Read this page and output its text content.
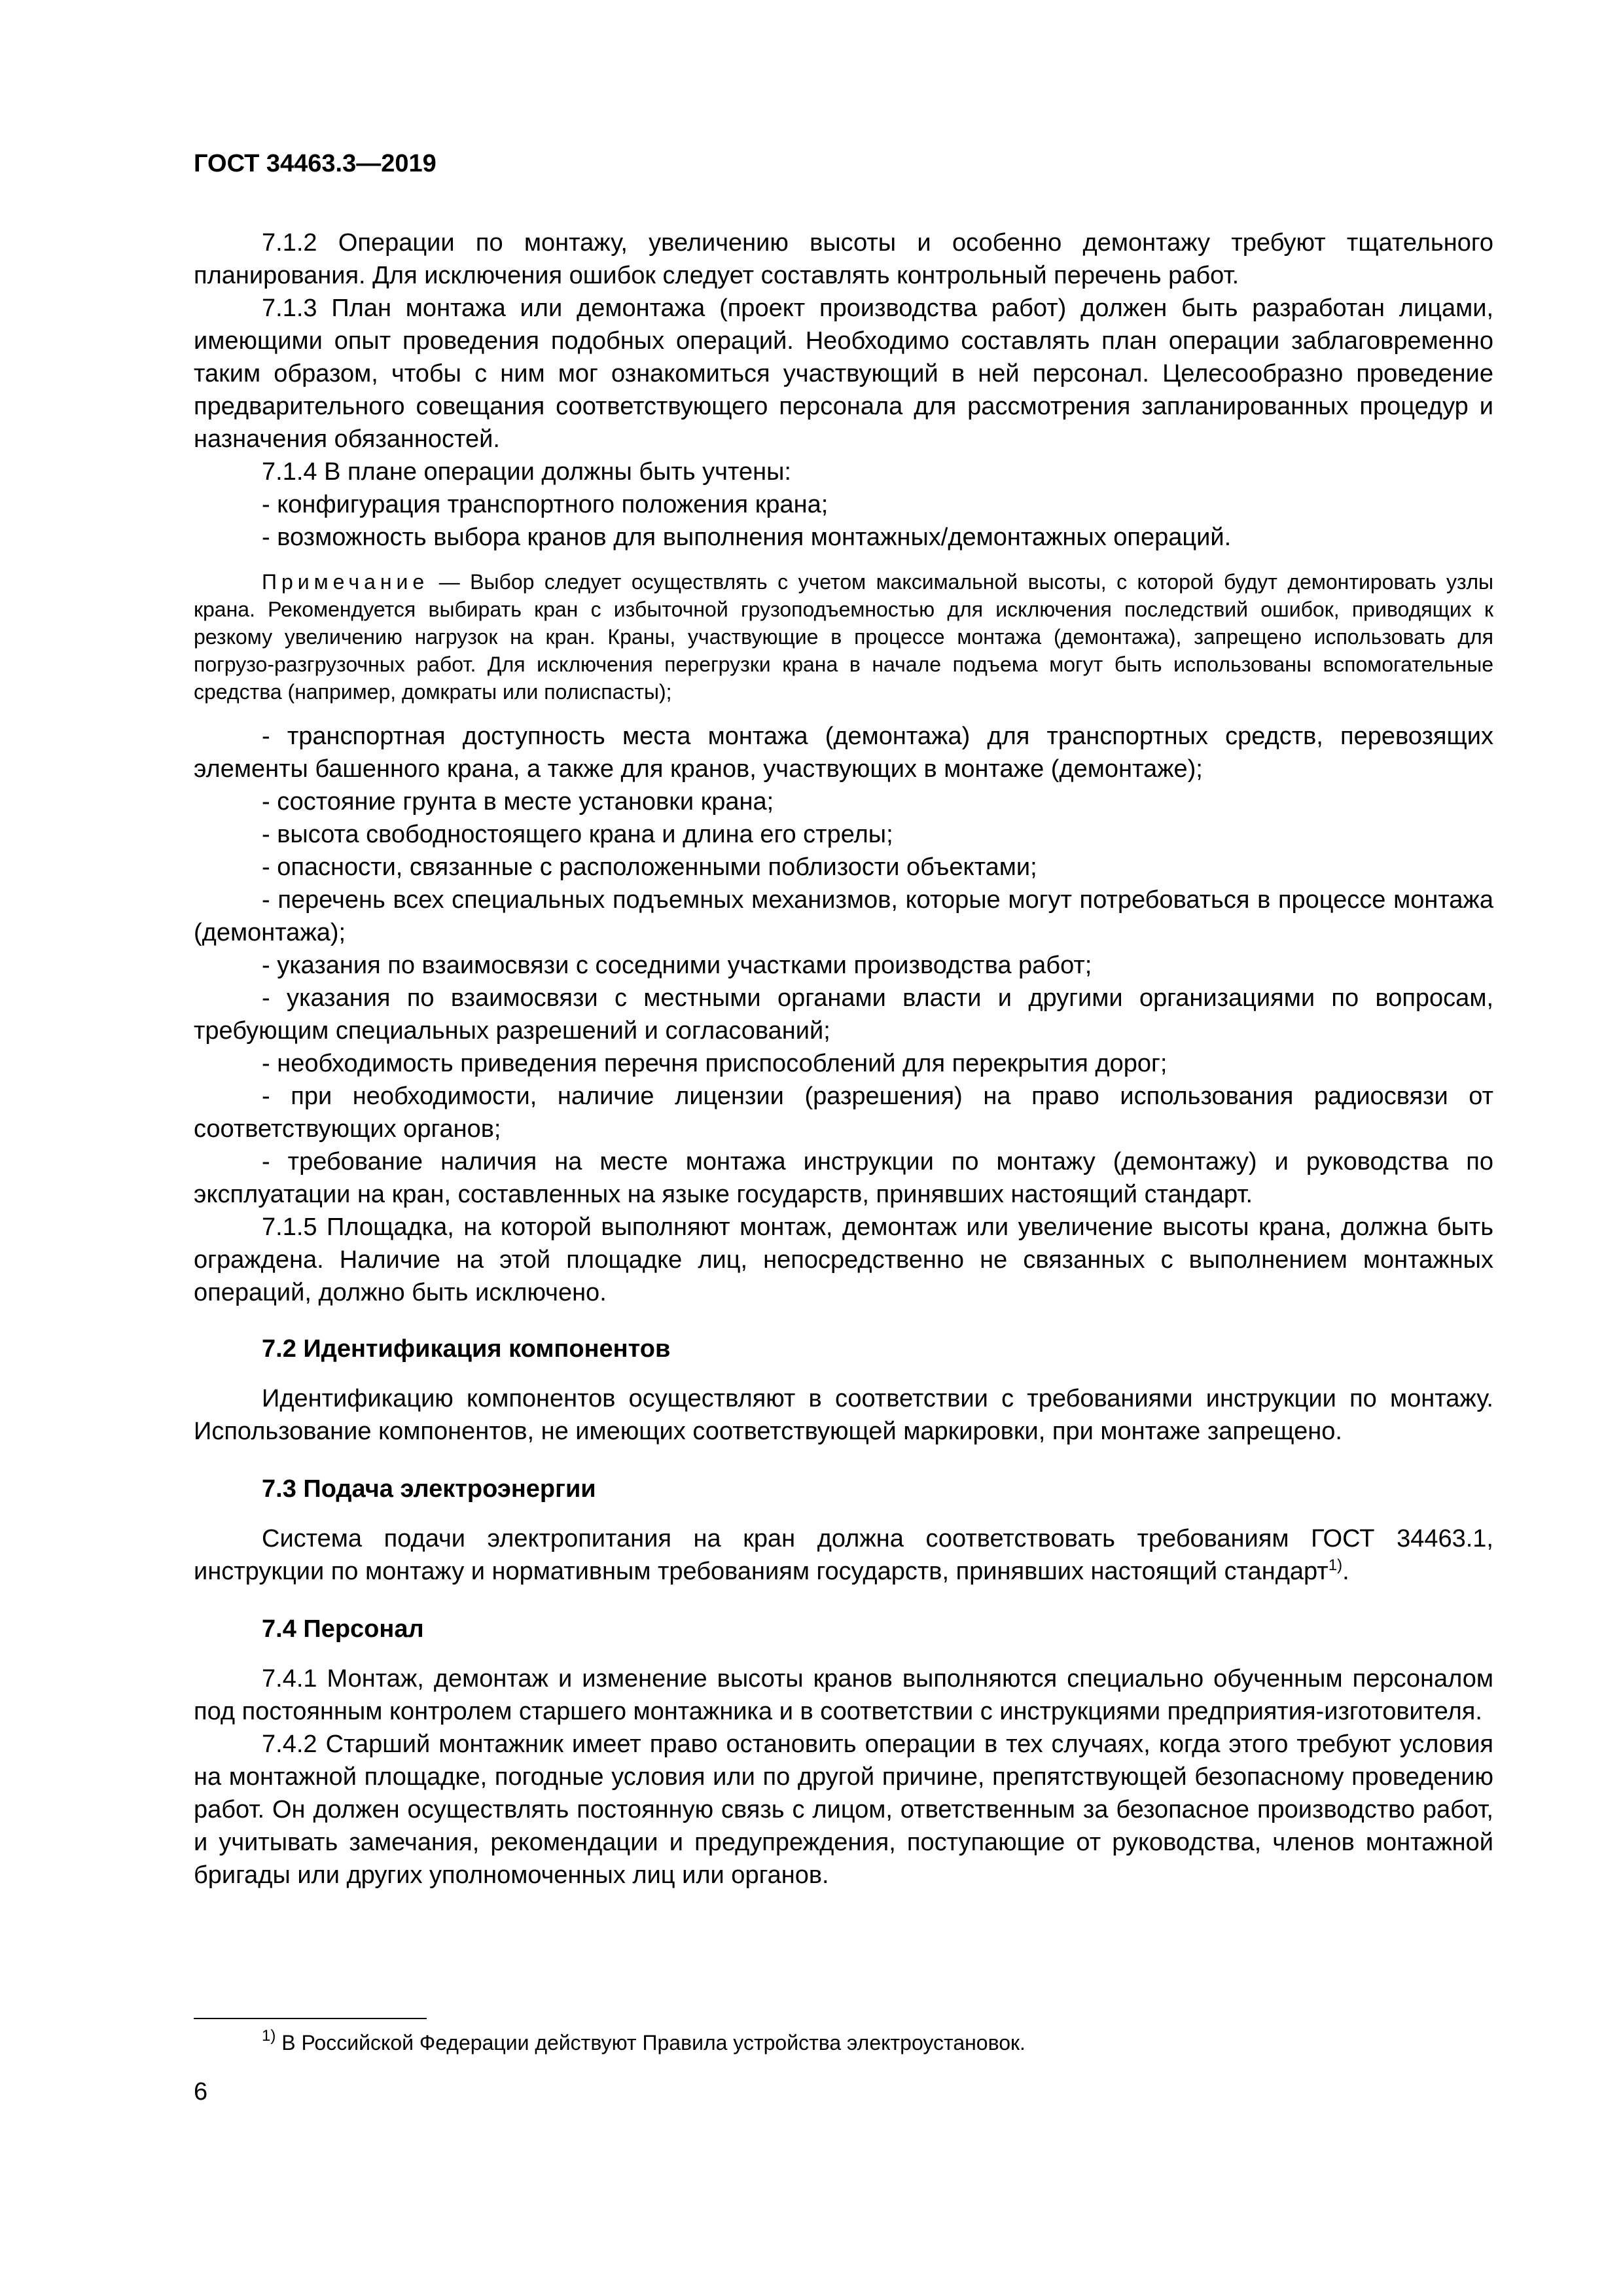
ГОСТ 34463.3—2019

7.1.2 Операции по монтажу, увеличению высоты и особенно демонтажу требуют тщательного планирования. Для исключения ошибок следует составлять контрольный перечень работ.

7.1.3 План монтажа или демонтажа (проект производства работ) должен быть разработан лицами, имеющими опыт проведения подобных операций. Необходимо составлять план операции заблаговременно таким образом, чтобы с ним мог ознакомиться участвующий в ней персонал. Целесообразно проведение предварительного совещания соответствующего персонала для рассмотрения запланированных процедур и назначения обязанностей.

7.1.4 В плане операции должны быть учтены:

- конфигурация транспортного положения крана;

- возможность выбора кранов для выполнения монтажных/демонтажных операций.

Примечание — Выбор следует осуществлять с учетом максимальной высоты, с которой будут демонтировать узлы крана. Рекомендуется выбирать кран с избыточной грузоподъемностью для исключения последствий ошибок, приводящих к резкому увеличению нагрузок на кран. Краны, участвующие в процессе монтажа (демонтажа), запрещено использовать для погрузо-разгрузочных работ. Для исключения перегрузки крана в начале подъема могут быть использованы вспомогательные средства (например, домкраты или полиспасты);

- транспортная доступность места монтажа (демонтажа) для транспортных средств, перевозящих элементы башенного крана, а также для кранов, участвующих в монтаже (демонтаже);

- состояние грунта в месте установки крана;

- высота свободностоящего крана и длина его стрелы;

- опасности, связанные с расположенными поблизости объектами;

- перечень всех специальных подъемных механизмов, которые могут потребоваться в процессе монтажа (демонтажа);

- указания по взаимосвязи с соседними участками производства работ;

- указания по взаимосвязи с местными органами власти и другими организациями по вопросам, требующим специальных разрешений и согласований;

- необходимость приведения перечня приспособлений для перекрытия дорог;

- при необходимости, наличие лицензии (разрешения) на право использования радиосвязи от соответствующих органов;

- требование наличия на месте монтажа инструкции по монтажу (демонтажу) и руководства по эксплуатации на кран, составленных на языке государств, принявших настоящий стандарт.

7.1.5 Площадка, на которой выполняют монтаж, демонтаж или увеличение высоты крана, должна быть ограждена. Наличие на этой площадке лиц, непосредственно не связанных с выполнением монтажных операций, должно быть исключено.

7.2 Идентификация компонентов

Идентификацию компонентов осуществляют в соответствии с требованиями инструкции по монтажу. Использование компонентов, не имеющих соответствующей маркировки, при монтаже запрещено.

7.3 Подача электроэнергии

Система подачи электропитания на кран должна соответствовать требованиям ГОСТ 34463.1, инструкции по монтажу и нормативным требованиям государств, принявших настоящий стандарт$^{1)}$.

7.4 Персонал

7.4.1 Монтаж, демонтаж и изменение высоты кранов выполняются специально обученным персоналом под постоянным контролем старшего монтажника и в соответствии с инструкциями предприятия-изготовителя.

7.4.2 Старший монтажник имеет право остановить операции в тех случаях, когда этого требуют условия на монтажной площадке, погодные условия или по другой причине, препятствующей безопасному проведению работ. Он должен осуществлять постоянную связь с лицом, ответственным за безопасное производство работ, и учитывать замечания, рекомендации и предупреждения, поступающие от руководства, членов монтажной бригады или других уполномоченных лиц или органов.

$^{1)}$ В Российской Федерации действуют Правила устройства электроустановок.
6
